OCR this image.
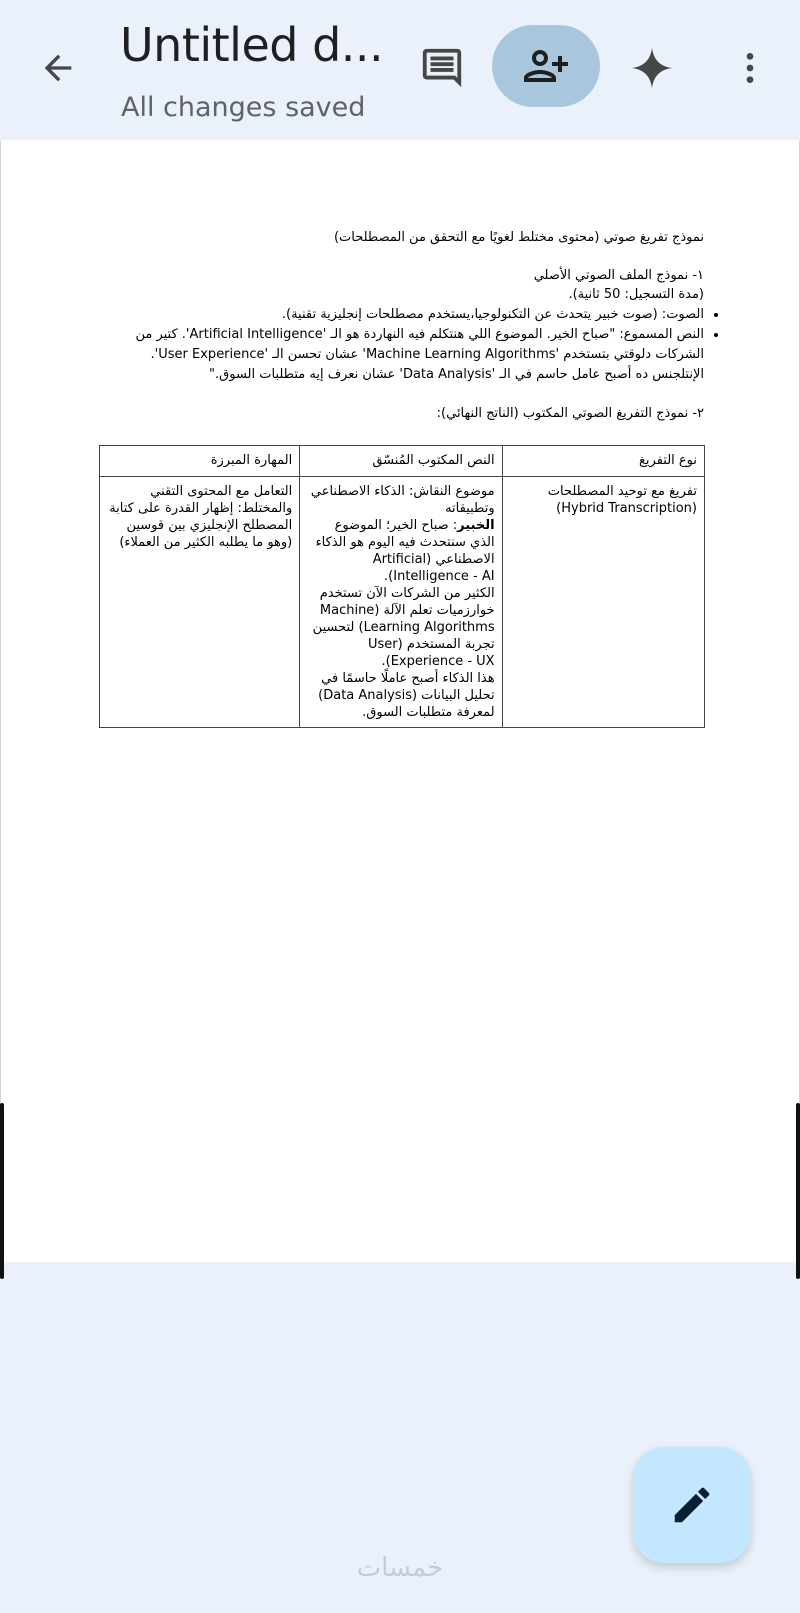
Untitled d...
All changes saved
نموذج تفريغ صوتي (محتوى مختلط لغويًا مع التحقق من المصطلحات)
١- نموذج الملف الصوتي الأصلي
(مدة التسجيل: 50 ثانية).
• الصوت: (صوت خبير يتحدث عن التكنولوجيا،يستخدم مصطلحات إنجليزية تقنية).
• النص المسموع: "صباح الخير. الموضوع اللي هنتكلم فيه النهاردة هو الـ 'Artificial Intelligence'. كتير من الشركات دلوقتي بتستخدم 'Machine Learning Algorithms' عشان تحسن الـ 'User Experience'. الإنتلجنس ده أصبح عامل حاسم في الـ 'Data Analysis' عشان نعرف إيه متطلبات السوق."
٢- نموذج التفريغ الصوتي المكتوب (الناتج النهائي):
نوع التفريغ	النص المكتوب المُنسّق	المهارة المبرزة
تفريغ مع توحيد المصطلحات (Hybrid Transcription)	موضوع النقاش: الذكاء الاصطناعي وتطبيقاته
الخبير: صباح الخير؛ الموضوع الذي سنتحدث فيه اليوم هو الذكاء الاصطناعي (Artificial Intelligence - AI).
الكثير من الشركات الآن تستخدم خوارزميات تعلم الآلة (Machine Learning Algorithms) لتحسين تجربة المستخدم (User Experience - UX).
هذا الذكاء أصبح عاملًا حاسمًا في تحليل البيانات (Data Analysis) لمعرفة متطلبات السوق.	التعامل مع المحتوى التقني والمختلط: إظهار القدرة على كتابة المصطلح الإنجليزي بين قوسين (وهو ما يطلبه الكثير من العملاء)
خمسات
